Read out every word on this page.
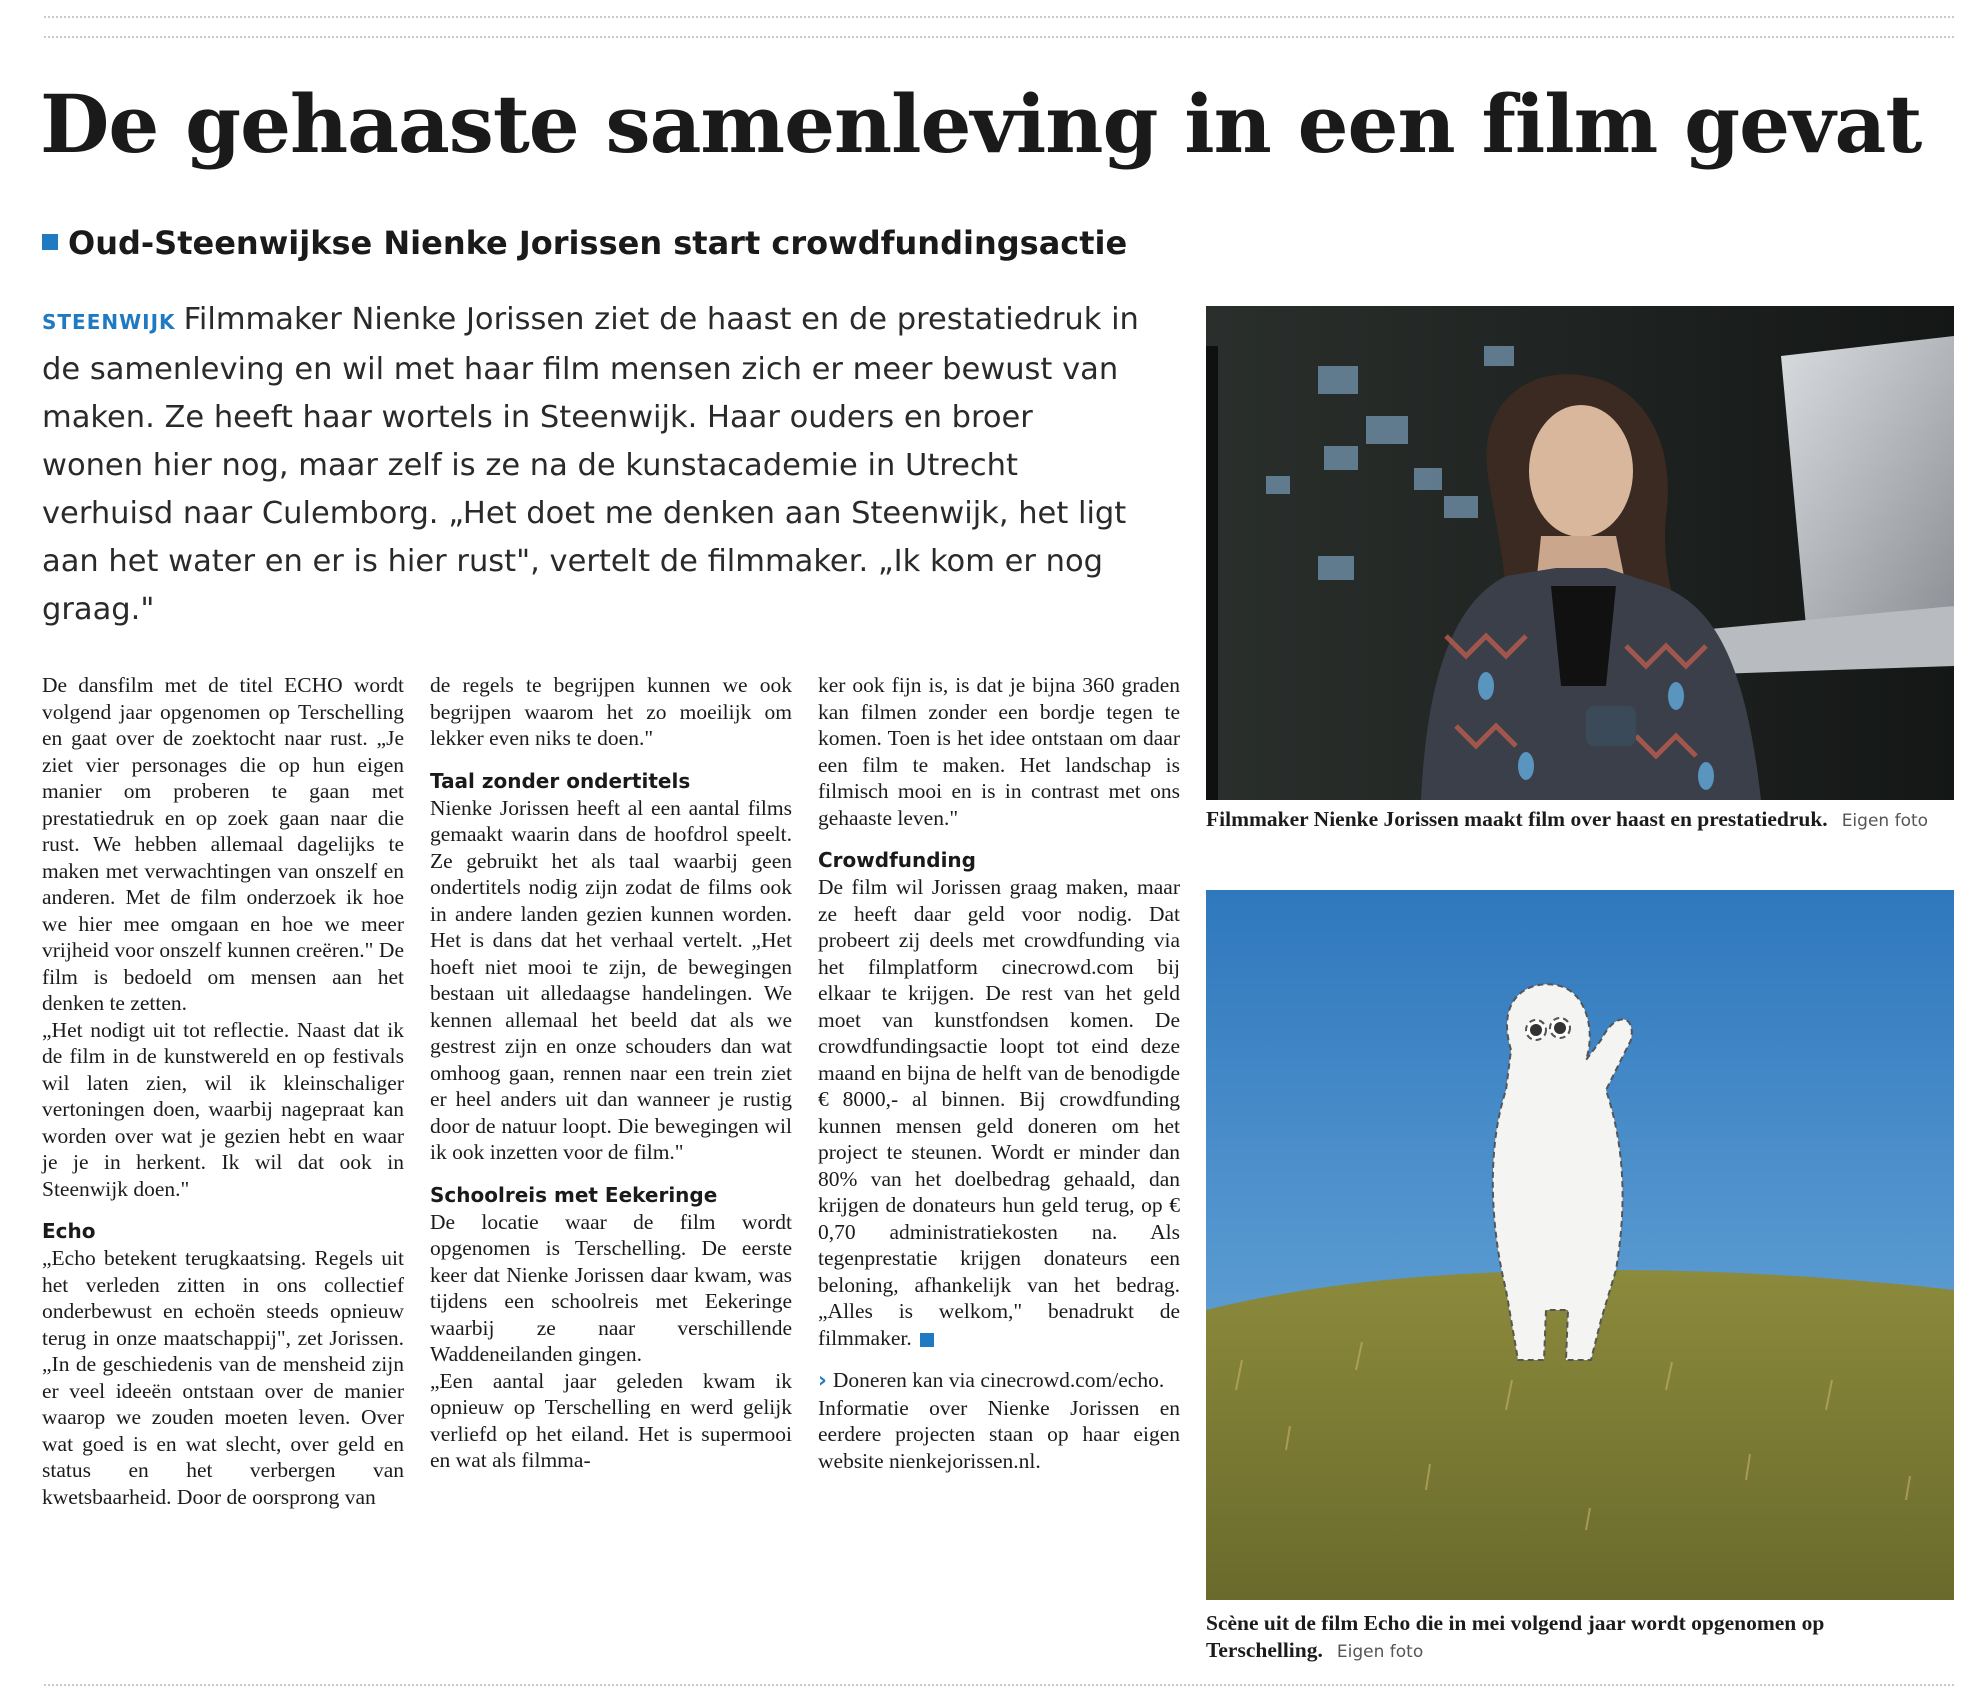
De gehaaste samenleving in een film gevat
Oud-Steenwijkse Nienke Jorissen start crowdfundingsactie

STEENWIJK Filmmaker Nienke Jorissen ziet de haast en de prestatiedruk in de samenleving en wil met haar film mensen zich er meer bewust van maken. Ze heeft haar wortels in Steenwijk. Haar ouders en broer wonen hier nog, maar zelf is ze na de kunstacademie in Utrecht verhuisd naar Culemborg. „Het doet me denken aan Steenwijk, het ligt aan het water en er is hier rust", vertelt de filmmaker. „Ik kom er nog graag."

De dansfilm met de titel ECHO wordt volgend jaar opgenomen op Terschelling en gaat over de zoektocht naar rust. „Je ziet vier personages die op hun eigen manier om proberen te gaan met prestatiedruk en op zoek gaan naar die rust. We hebben allemaal dagelijks te maken met verwachtingen van onszelf en anderen. Met de film onderzoek ik hoe we hier mee omgaan en hoe we meer vrijheid voor onszelf kunnen creëren." De film is bedoeld om mensen aan het denken te zetten.

„Het nodigt uit tot reflectie. Naast dat ik de film in de kunstwereld en op festivals wil laten zien, wil ik kleinschaliger vertoningen doen, waarbij nagepraat kan worden over wat je gezien hebt en waar je je in herkent. Ik wil dat ook in Steenwijk doen."

Echo

„Echo betekent terugkaatsing. Regels uit het verleden zitten in ons collectief onderbewust en echoën steeds opnieuw terug in onze maatschappij", zet Jorissen. „In de geschiedenis van de mensheid zijn er veel ideeën ontstaan over de manier waarop we zouden moeten leven. Over wat goed is en wat slecht, over geld en status en het verbergen van kwetsbaarheid. Door de oorsprong van

de regels te begrijpen kunnen we ook begrijpen waarom het zo moeilijk om lekker even niks te doen."

Taal zonder ondertitels

Nienke Jorissen heeft al een aantal films gemaakt waarin dans de hoofdrol speelt. Ze gebruikt het als taal waarbij geen ondertitels nodig zijn zodat de films ook in andere landen gezien kunnen worden. Het is dans dat het verhaal vertelt. „Het hoeft niet mooi te zijn, de bewegingen bestaan uit alledaagse handelingen. We kennen allemaal het beeld dat als we gestrest zijn en onze schouders dan wat omhoog gaan, rennen naar een trein ziet er heel anders uit dan wanneer je rustig door de natuur loopt. Die bewegingen wil ik ook inzetten voor de film."

Schoolreis met Eekeringe

De locatie waar de film wordt opgenomen is Terschelling. De eerste keer dat Nienke Jorissen daar kwam, was tijdens een schoolreis met Eekeringe waarbij ze naar verschillende Waddeneilanden gingen.

„Een aantal jaar geleden kwam ik opnieuw op Terschelling en werd gelijk verliefd op het eiland. Het is supermooi en wat als filmma-

ker ook fijn is, is dat je bijna 360 graden kan filmen zonder een bordje tegen te komen. Toen is het idee ontstaan om daar een film te maken. Het landschap is filmisch mooi en is in contrast met ons gehaaste leven."

Crowdfunding

De film wil Jorissen graag maken, maar ze heeft daar geld voor nodig. Dat probeert zij deels met crowdfunding via het filmplatform cinecrowd.com bij elkaar te krijgen. De rest van het geld moet van kunstfondsen komen. De crowdfundingsactie loopt tot eind deze maand en bijna de helft van de benodigde € 8000,- al binnen. Bij crowdfunding kunnen mensen geld doneren om het project te steunen. Wordt er minder dan 80% van het doelbedrag gehaald, dan krijgen de donateurs hun geld terug, op € 0,70 administratiekosten na. Als tegenprestatie krijgen donateurs een beloning, afhankelijk van het bedrag. „Alles is welkom," benadrukt de filmmaker.

› Doneren kan via cinecrowd.com/echo.

Informatie over Nienke Jorissen en eerdere projecten staan op haar eigen website nienkejorissen.nl.

Filmmaker Nienke Jorissen maakt film over haast en prestatiedruk. Eigen foto
Scène uit de film Echo die in mei volgend jaar wordt opgenomen op Terschelling. Eigen foto
